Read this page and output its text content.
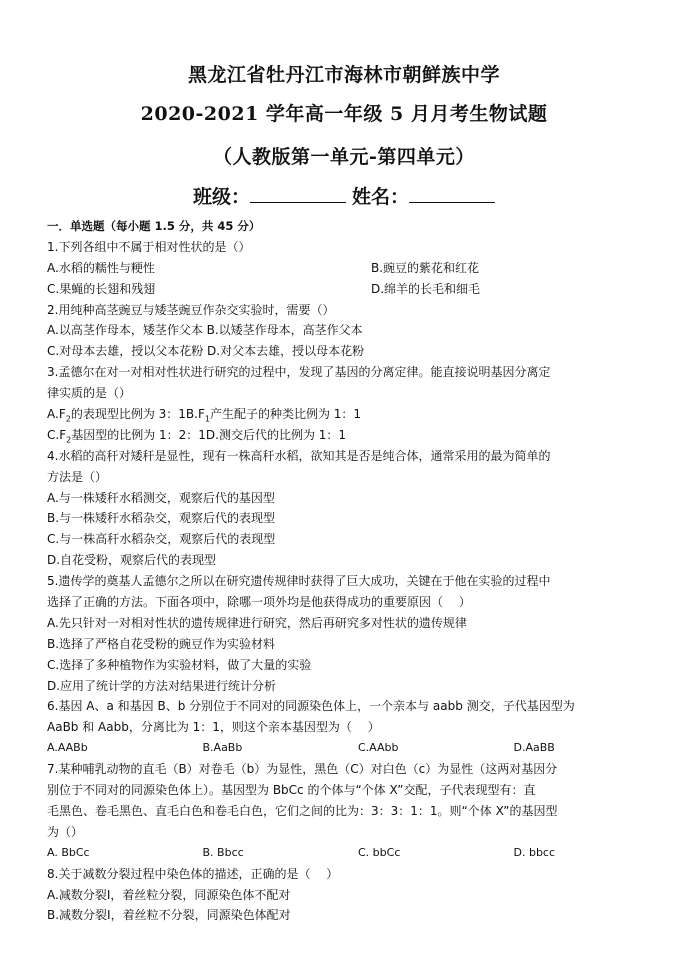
黑龙江省牡丹江市海林市朝鲜族中学
2020-2021 学年高一年级 5 月月考生物试题
（人教版第一单元-第四单元）
班级：	姓名：
一．单选题（每小题 1.5 分，共 45 分）
1.下列各组中不属于相对性状的是（）
A.水稻的糯性与粳性	B.豌豆的紫花和红花
C.果蝇的长翅和残翅	D.绵羊的长毛和细毛
2.用纯种高茎豌豆与矮茎豌豆作杂交实验时，需要（）
A.以高茎作母本，矮茎作父本 B.以矮茎作母本，高茎作父本
C.对母本去雄，授以父本花粉 D.对父本去雄，授以母本花粉
3.孟德尔在对一对相对性状进行研究的过程中，发现了基因的分离定律。能直接说明基因分离定
律实质的是（）
$A.F_2$的表现型比例为 3：$1B.F_1$产生配子的种类比例为 1：1
$C.F_2$基因型的比例为 1：2：1D.测交后代的比例为 1：1
4.水稻的高秆对矮秆是显性，现有一株高秆水稻，欲知其是否是纯合体，通常采用的最为简单的
方法是（）
A.与一株矮秆水稻测交，观察后代的基因型
B.与一株矮秆水稻杂交，观察后代的表现型
C.与一株高秆水稻杂交，观察后代的表现型
D.自花受粉，观察后代的表现型
5.遗传学的奠基人孟德尔之所以在研究遗传规律时获得了巨大成功，关键在于他在实验的过程中
选择了正确的方法。下面各项中，除哪一项外均是他获得成功的重要原因（　 ）
A.先只针对一对相对性状的遗传规律进行研究，然后再研究多对性状的遗传规律
B.选择了严格自花受粉的豌豆作为实验材料
C.选择了多种植物作为实验材料，做了大量的实验
D.应用了统计学的方法对结果进行统计分析
6.基因 A、a 和基因 B、b 分别位于不同对的同源染色体上，一个亲本与 aabb 测交，子代基因型为
AaBb 和 Aabb，分离比为 1：1，则这个亲本基因型为（　 ）
A.AABb	B.AaBb	C.AAbb	D.AaBB
7.某种哺乳动物的直毛（B）对卷毛（b）为显性，黑色（C）对白色（c）为显性（这两对基因分
别位于不同对的同源染色体上）。基因型为 BbCc 的个体与“个体 X”交配，子代表现型有：直
毛黑色、卷毛黑色、直毛白色和卷毛白色，它们之间的比为：3：3：1：1。则“个体 X”的基因型
为（）
A. BbCc	B. Bbcc	C. bbCc	D. bbcc
8.关于减数分裂过程中染色体的描述，正确的是（　 ）
A.减数分裂Ⅰ，着丝粒分裂，同源染色体不配对
B.减数分裂Ⅰ，着丝粒不分裂，同源染色体配对
